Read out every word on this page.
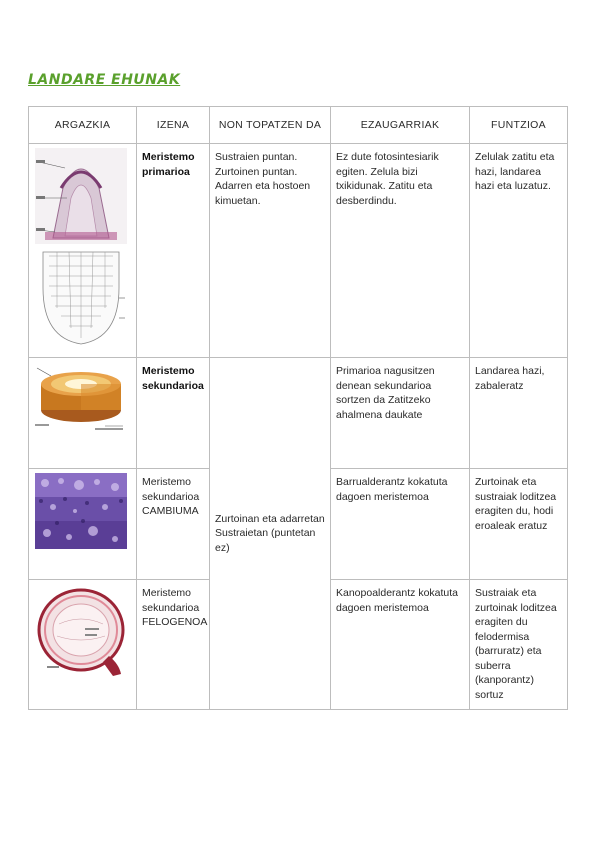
LANDARE EHUNAK
ARGAZKIA	IZENA	NON TOPATZEN DA	EZAUGARRIAK	FUNTZIOA

	Meristemo primarioa	Sustraien puntan. Zurtoinen puntan. Adarren eta hostoen kimuetan.	Ez dute fotosintesiarik egiten. Zelula bizi txikidunak. Zatitu eta desberdindu.	Zelulak zatitu eta hazi, landarea hazi eta luzatuz.

	Meristemo sekundarioa	Zurtoinan eta adarretan Sustraietan (puntetan ez)	Primarioa nagusitzen denean sekundarioa sortzen da Zatitzeko ahalmena daukate	Landarea hazi, zabaleratz

	Meristemo sekundarioa CAMBIUMA		Barrualderantz kokatuta dagoen meristemoa	Zurtoinak eta sustraiak loditzea eragiten du, hodi eroaleak eratuz

	Meristemo sekundarioa FELOGENOA		Kanopoalderantz kokatuta dagoen meristemoa	Sustraiak eta zurtoinak loditzea eragiten du felodermisa (barruratz) eta suberra (kanporantz) sortuz
